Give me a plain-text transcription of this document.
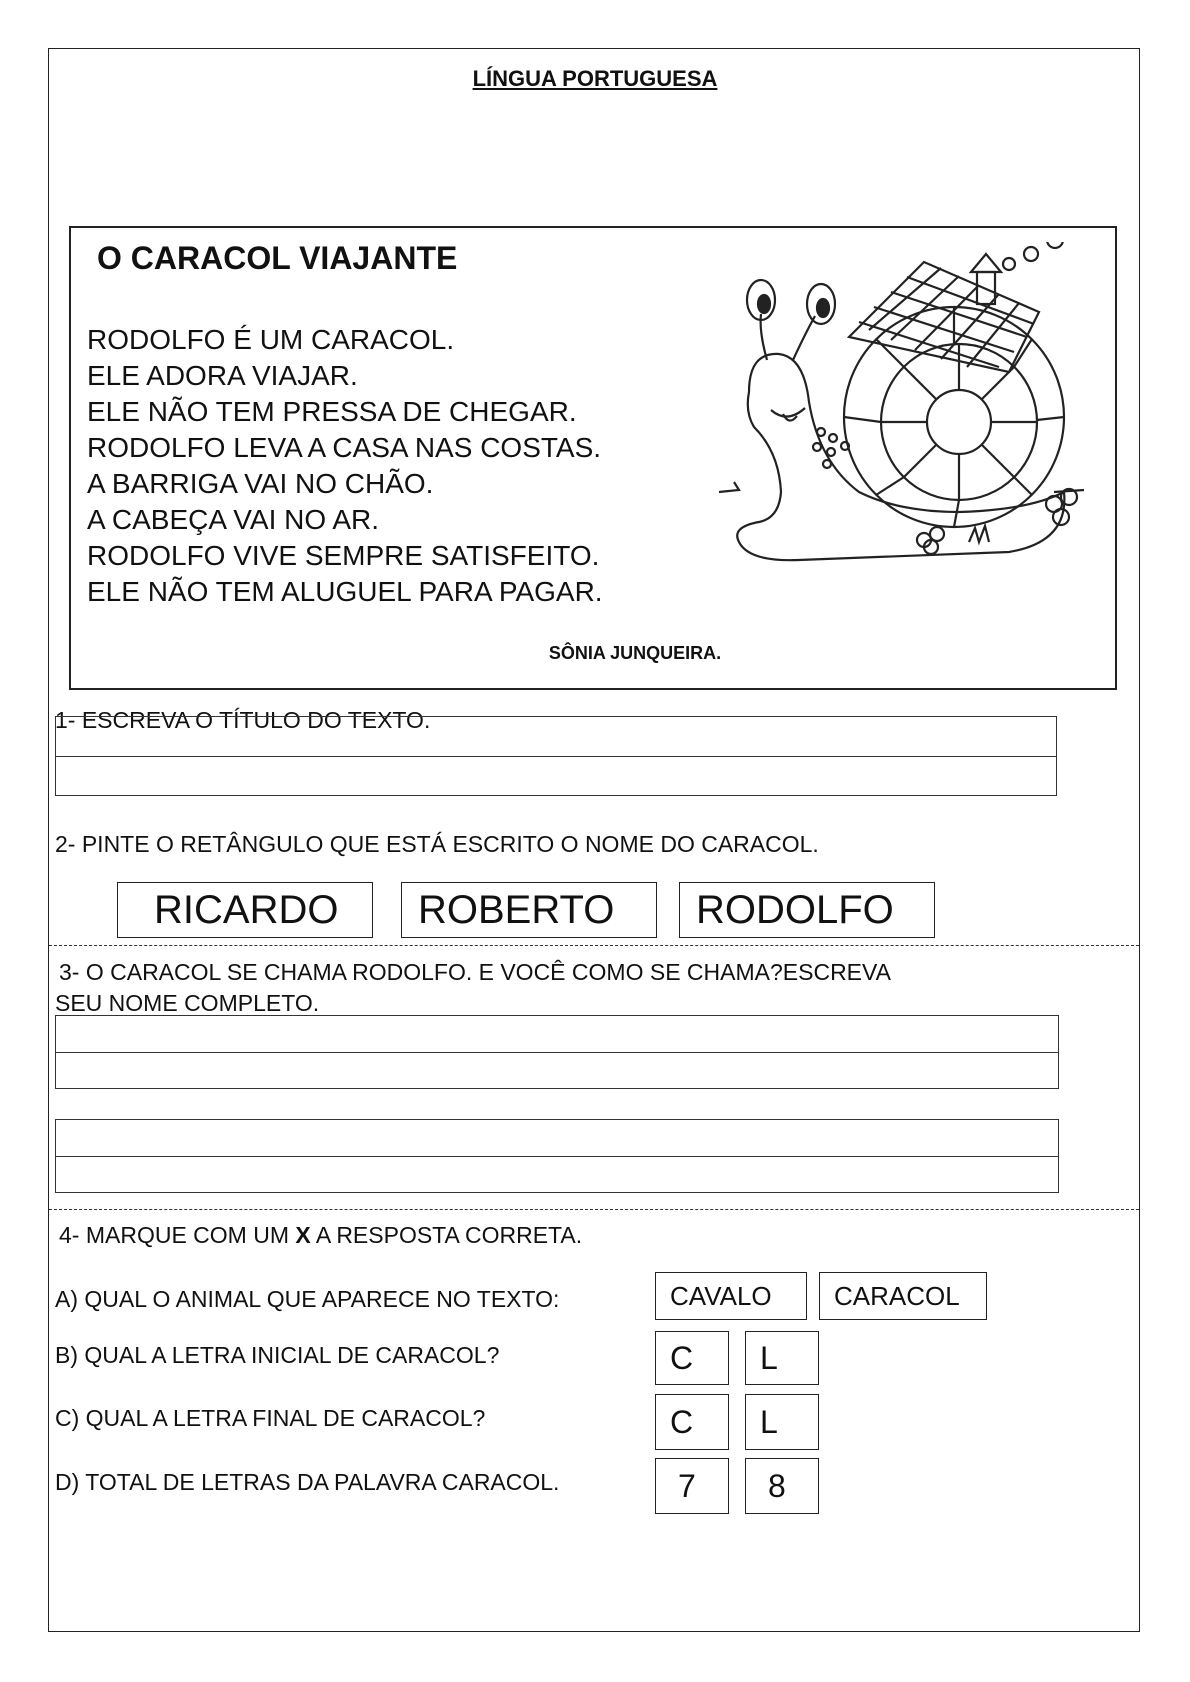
LÍNGUA PORTUGUESA
O CARACOL VIAJANTE
RODOLFO É UM CARACOL.
ELE ADORA VIAJAR.
ELE NÃO TEM PRESSA DE CHEGAR.
RODOLFO LEVA A CASA NAS COSTAS.
A BARRIGA VAI NO CHÃO.
A CABEÇA VAI NO AR.
RODOLFO VIVE SEMPRE SATISFEITO.
ELE NÃO TEM ALUGUEL PARA PAGAR.
SÔNIA JUNQUEIRA.
1- ESCREVA O TÍTULO DO TEXTO.
2- PINTE O RETÂNGULO QUE ESTÁ ESCRITO O NOME DO CARACOL.
RICARDO	ROBERTO	RODOLFO
3- O CARACOL SE CHAMA RODOLFO. E VOCÊ COMO SE CHAMA?ESCREVA
SEU NOME COMPLETO.
4- MARQUE COM UM X A RESPOSTA CORRETA.
A) QUAL O ANIMAL QUE APARECE NO TEXTO:	CAVALO	CARACOL
B) QUAL A LETRA INICIAL DE CARACOL?	C	L
C) QUAL A LETRA FINAL DE CARACOL?	C	L
D) TOTAL DE LETRAS DA PALAVRA CARACOL.	7	8
